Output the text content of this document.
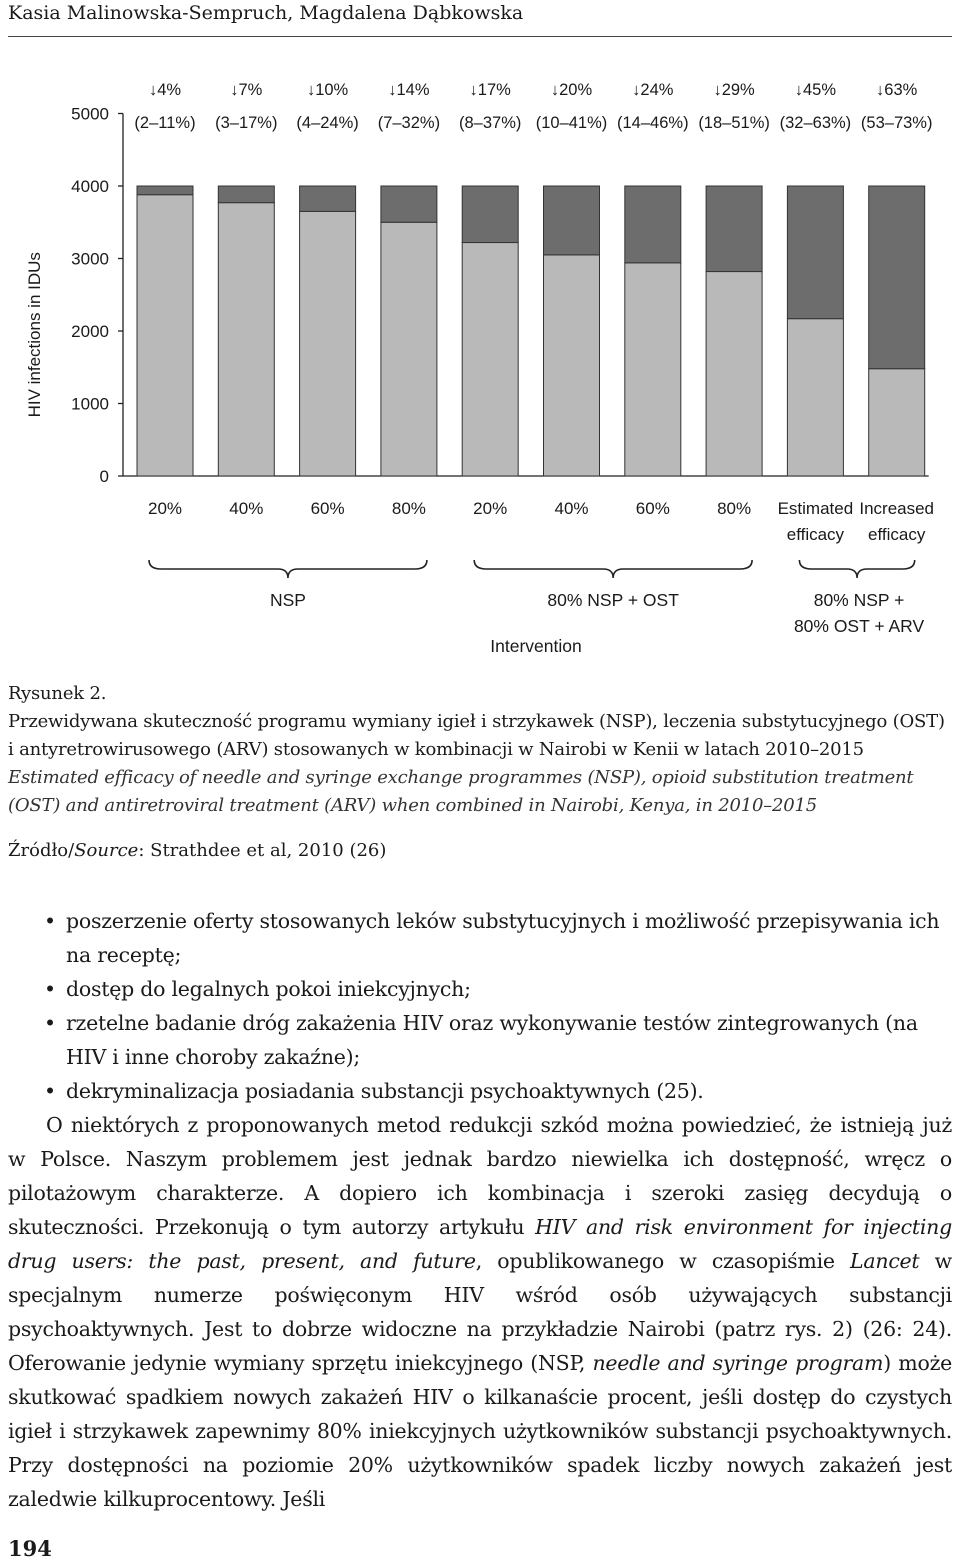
Kasia Malinowska-Sempruch, Magdalena Dąbkowska
0
1000
2000
3000
4000
5000
HIV infections in IDUs
↓4%
(2–11%)
20%
↓7%
(3–17%)
40%
↓10%
(4–24%)
60%
↓14%
(7–32%)
80%
↓17%
(8–37%)
20%
↓20%
(10–41%)
40%
↓24%
(14–46%)
60%
↓29%
(18–51%)
80%
↓45%
(32–63%)
Estimated
efficacy
↓63%
(53–73%)
Increased
efficacy
NSP	80% NSP + OST	80% NSP +
80% OST + ARV
Intervention
Rysunek 2.
Przewidywana skuteczność programu wymiany igieł i strzykawek (NSP), leczenia substytucyjnego (OST) i antyretrowirusowego (ARV) stosowanych w kombinacji w Nairobi w Kenii w latach 2010–2015
Estimated efficacy of needle and syringe exchange programmes (NSP), opioid substitution treatment (OST) and antiretroviral treatment (ARV) when combined in Nairobi, Kenya, in 2010–2015
Źródło/Source: Strathdee et al, 2010 (26)
• poszerzenie oferty stosowanych leków substytucyjnych i możliwość przepisywania ich na receptę;
• dostęp do legalnych pokoi iniekcyjnych;
• rzetelne badanie dróg zakażenia HIV oraz wykonywanie testów zintegrowanych (na HIV i inne choroby zakaźne);
• dekryminalizacja posiadania substancji psychoaktywnych (25).

O niektórych z proponowanych metod redukcji szkód można powiedzieć, że istnieją już w Polsce. Naszym problemem jest jednak bardzo niewielka ich dostępność, wręcz o pilotażowym charakterze. A dopiero ich kombinacja i szeroki zasięg decydują o skuteczności. Przekonują o tym autorzy artykułu HIV and risk environment for injecting drug users: the past, present, and future, opublikowanego w czasopiśmie Lancet w specjalnym numerze poświęconym HIV wśród osób używających substancji psychoaktywnych. Jest to dobrze widoczne na przykładzie Nairobi (patrz rys. 2) (26: 24). Oferowanie jedynie wymiany sprzętu iniekcyjnego (NSP, needle and syringe program) może skutkować spadkiem nowych zakażeń HIV o kilkanaście procent, jeśli dostęp do czystych igieł i strzykawek zapewnimy 80% iniekcyjnych użytkowników substancji psychoaktywnych. Przy dostępności na poziomie 20% użytkowników spadek liczby nowych zakażeń jest zaledwie kilkuprocentowy. Jeśli

194
